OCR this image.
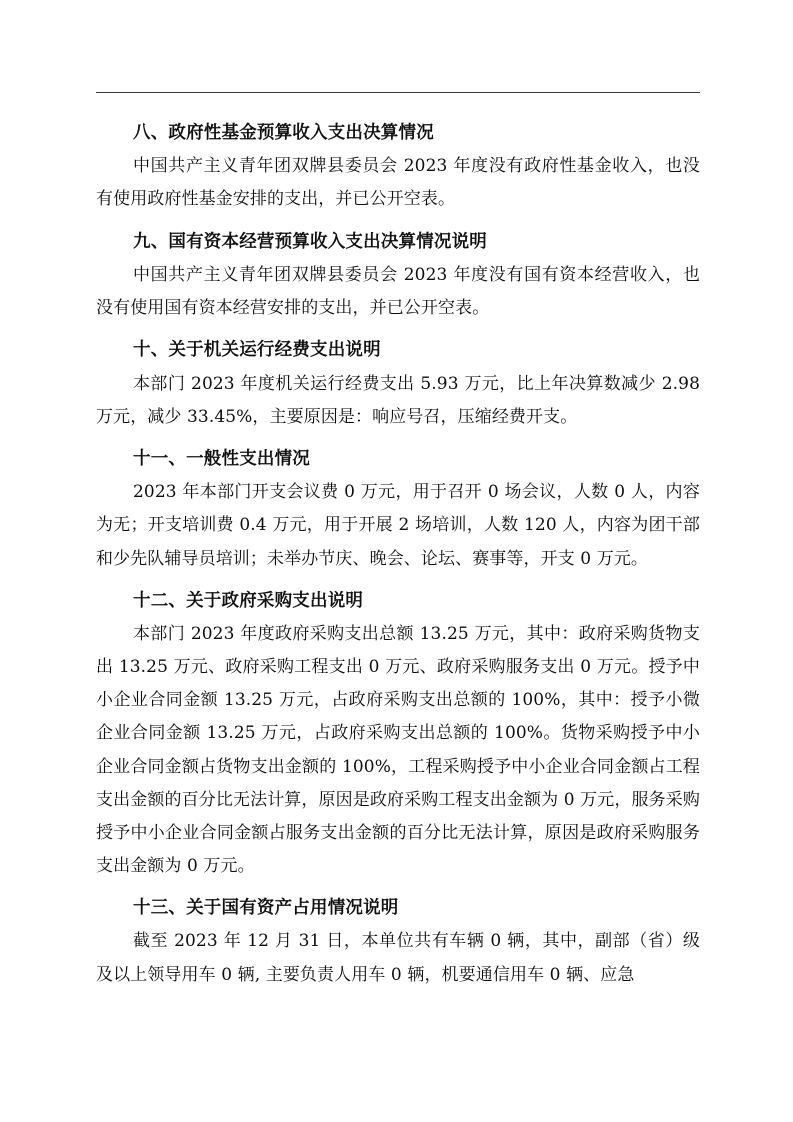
八、政府性基金预算收入支出决算情况

中国共产主义青年团双牌县委员会 2023 年度没有政府性基金收入，也没有使用政府性基金安排的支出，并已公开空表。

九、国有资本经营预算收入支出决算情况说明

中国共产主义青年团双牌县委员会 2023 年度没有国有资本经营收入，也没有使用国有资本经营安排的支出，并已公开空表。

十、关于机关运行经费支出说明

本部门 2023 年度机关运行经费支出 5.93 万元，比上年决算数减少 2.98 万元，减少 33.45%，主要原因是：响应号召，压缩经费开支。

十一、一般性支出情况

2023 年本部门开支会议费 0 万元，用于召开 0 场会议，人数 0 人，内容为无；开支培训费 0.4 万元，用于开展 2 场培训，人数 120 人，内容为团干部和少先队辅导员培训；未举办节庆、晚会、论坛、赛事等，开支 0 万元。

十二、关于政府采购支出说明

本部门 2023 年度政府采购支出总额 13.25 万元，其中：政府采购货物支出 13.25 万元、政府采购工程支出 0 万元、政府采购服务支出 0 万元。授予中小企业合同金额 13.25 万元，占政府采购支出总额的 100%，其中：授予小微企业合同金额 13.25 万元，占政府采购支出总额的 100%。货物采购授予中小企业合同金额占货物支出金额的 100%，工程采购授予中小企业合同金额占工程支出金额的百分比无法计算，原因是政府采购工程支出金额为 0 万元，服务采购授予中小企业合同金额占服务支出金额的百分比无法计算，原因是政府采购服务支出金额为 0 万元。

十三、关于国有资产占用情况说明

截至 2023 年 12 月 31 日，本单位共有车辆 0 辆，其中，副部（省）级及以上领导用车 0 辆, 主要负责人用车 0 辆，机要通信用车 0 辆、应急
